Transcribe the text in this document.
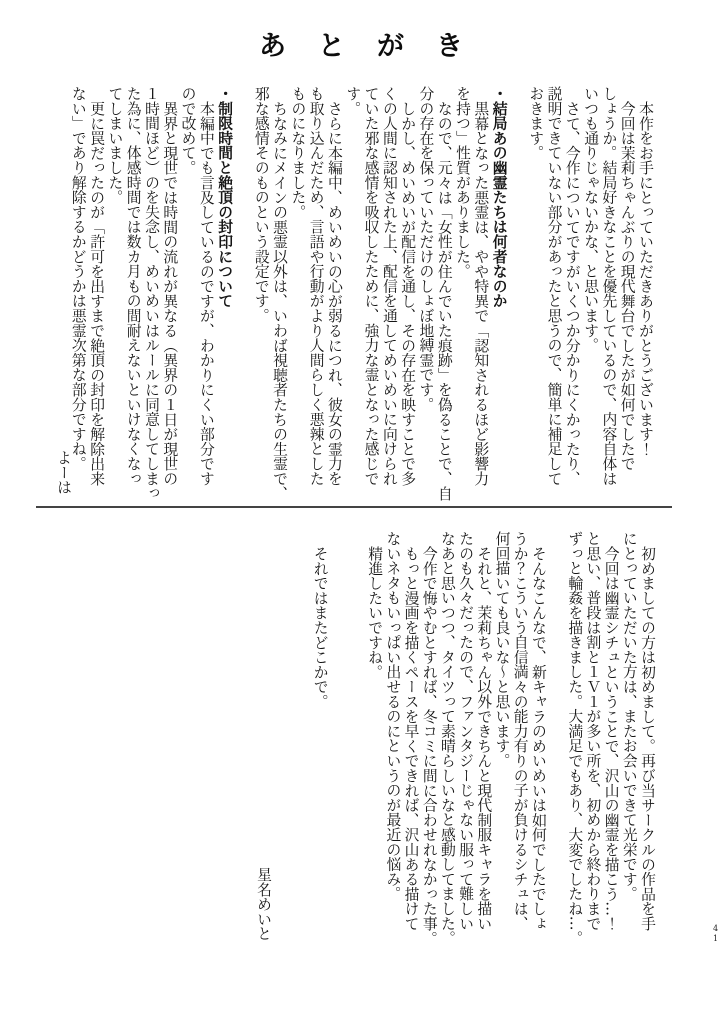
あとがき
本作をお手にとっていただきありがとうございます！
今回は茉莉ちゃんぶりの現代舞台でしたが如何でしたで
しょうか。結局好きなことを優先しているので、内容自体は
いつも通りじゃないかな、と思います。
さて、今作についてですがいくつか分かりにくかったり、
説明できていない部分があったと思うので、簡単に補足して
おきます。
・結局あの幽霊たちは何者なのか
黒幕となった悪霊は、やや特異で「認知されるほど影響力
を持つ」性質がありました。
なので、元々は「女性が住んでいた痕跡」を偽ることで、自
分の存在を保っていただけのしょぼ地縛霊です。
しかし、めいめいが配信を通し、その存在を映すことで多
くの人間に認知された上、配信を通してめいめいに向けられ
ていた邪な感情を吸収したために、強力な霊となった感じで
す。
さらに本編中、めいめいの心が弱るにつれ、彼女の霊力を
も取り込んだため、言語や行動がより人間らしく悪辣とした
ものになりました。
ちなみにメインの悪霊以外は、いわば視聴者たちの生霊で、
邪な感情そのものという設定です。
・制限時間と絶頂の封印について
本編中でも言及しているのですが、わかりにくい部分です
ので改めて。
異界と現世では時間の流れが異なる（異界の１日が現世の
１時間ほど）のを失念し、めいめいはルールに同意してしまっ
た為に、体感時間では数カ月もの間耐えないといけなくなっ
てしまいました。
更に罠だったのが「許可を出すまで絶頂の封印を解除出来
ない」であり解除するかどうかは悪霊次第な部分ですね。
よーは
初めましての方は初めまして。再び当サークルの作品を手
にとっていただいた方は、またお会いできて光栄です。
今回は幽霊シチュということで、沢山の幽霊を描こう…！
と思い、普段は割と１Ｖ１が多い所を、初めから終わりまで
ずっと輪姦を描きました。大満足でもあり、大変でしたね…。
そんなこんなで、新キャラのめいめいは如何でしたでしょ
うか？こういう自信満々の能力有りの子が負けるシチュは、
何回描いても良いな〜と思います。
それと、茉莉ちゃん以外できちんと現代制服キャラを描い
たのも久々だったので、ファンタジーじゃない服って難しい
なあと思いつつ、タイツって素晴らしいなと感動してました。
今作で悔やむとすれば、冬コミに間に合わせれなかった事。
もっと漫画を描くペースを早くできれば、沢山ある描けて
ないネタもいっぱい出せるのにというのが最近の悩み。
精進したいですね。
それではまたどこかで。
星名めいと	41
